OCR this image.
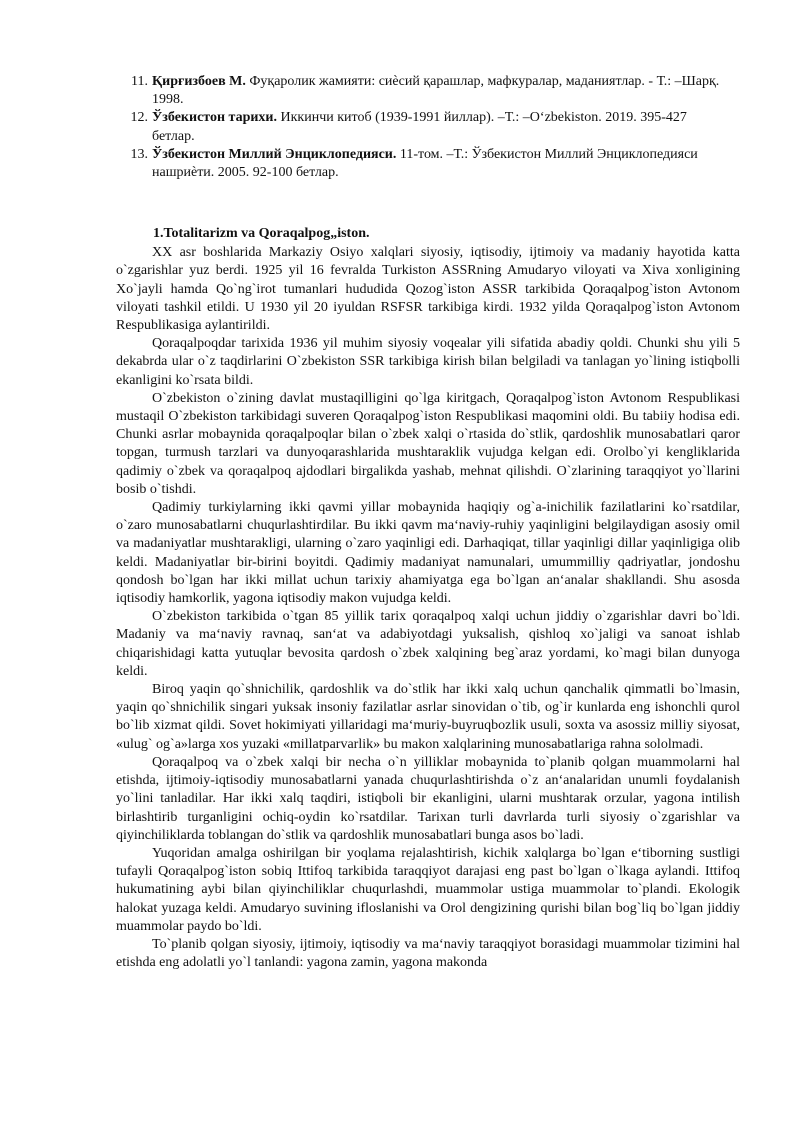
11. Қирғизбоев М. Фуқаролик жамияти: сиѐсий қарашлар, мафкуралар, маданиятлар. - Т.: –Шарқ. 1998.
12. Ўзбекистон тарихи. Иккинчи китоб (1939-1991 йиллар). –Т.: –O‘zbekiston. 2019. 395-427 бетлар.
13. Ўзбекистон Миллий Энциклопедияси. 11-том. –Т.: Ўзбекистон Миллий Энциклопедияси нашриѐти. 2005. 92-100 бетлар.

1.Totalitarizm va Qoraqalpog„iston.

XX asr boshlarida Markaziy Osiyo xalqlari siyosiy, iqtisodiy, ijtimoiy va madaniy hayotida katta o`zgarishlar yuz berdi. 1925 yil 16 fevralda Turkiston ASSRning Amudaryo viloyati va Xiva xonligining Xo`jayli hamda Qo`ng`irot tumanlari hududida Qozog`iston ASSR tarkibida Qoraqalpog`iston Avtonom viloyati tashkil etildi. U 1930 yil 20 iyuldan RSFSR tarkibiga kirdi. 1932 yilda Qoraqalpog`iston Avtonom Respublikasiga aylantirildi.

Qoraqalpoqdar tarixida 1936 yil muhim siyosiy voqealar yili sifatida abadiy qoldi. Chunki shu yili 5 dekabrda ular o`z taqdirlarini O`zbekiston SSR tarkibiga kirish bilan belgiladi va tanlagan yo`lining istiqbolli ekanligini ko`rsata bildi.

O`zbekiston o`zining davlat mustaqilligini qo`lga kiritgach, Qoraqalpog`iston Avtonom Respublikasi mustaqil O`zbekiston tarkibidagi suveren Qoraqalpog`iston Respublikasi maqomini oldi. Bu tabiiy hodisa edi. Chunki asrlar mobaynida qoraqalpoqlar bilan o`zbek xalqi o`rtasida do`stlik, qardoshlik munosabatlari qaror topgan, turmush tarzlari va dunyoqarashlarida mushtaraklik vujudga kelgan edi. Orolbo`yi kengliklarida qadimiy o`zbek va qoraqalpoq ajdodlari birgalikda yashab, mehnat qilishdi. O`zlarining taraqqiyot yo`llarini bosib o`tishdi.

Qadimiy turkiylarning ikki qavmi yillar mobaynida haqiqiy og`a-inichilik fazilatlarini ko`rsatdilar, o`zaro munosabatlarni chuqurlashtirdilar. Bu ikki qavm ma‘naviy-ruhiy yaqinligini belgilaydigan asosiy omil va madaniyatlar mushtarakligi, ularning o`zaro yaqinligi edi. Darhaqiqat, tillar yaqinligi dillar yaqinligiga olib keldi. Madaniyatlar bir-birini boyitdi. Qadimiy madaniyat namunalari, umummilliy qadriyatlar, jondoshu qondosh bo`lgan har ikki millat uchun tarixiy ahamiyatga ega bo`lgan an‘analar shakllandi. Shu asosda iqtisodiy hamkorlik, yagona iqtisodiy makon vujudga keldi.

O`zbekiston tarkibida o`tgan 85 yillik tarix qoraqalpoq xalqi uchun jiddiy o`zgarishlar davri bo`ldi. Madaniy va ma‘naviy ravnaq, san‘at va adabiyotdagi yuksalish, qishloq xo`jaligi va sanoat ishlab chiqarishidagi katta yutuqlar bevosita qardosh o`zbek xalqining beg`araz yordami, ko`magi bilan dunyoga keldi.

Biroq yaqin qo`shnichilik, qardoshlik va do`stlik har ikki xalq uchun qanchalik qimmatli bo`lmasin, yaqin qo`shnichilik singari yuksak insoniy fazilatlar asrlar sinovidan o`tib, og`ir kunlarda eng ishonchli qurol bo`lib xizmat qildi. Sovet hokimiyati yillaridagi ma‘muriy-buyruqbozlik usuli, soxta va asossiz milliy siyosat, «ulug` og`a»larga xos yuzaki «millatparvarlik» bu makon xalqlarining munosabatlariga rahna sololmadi.

Qoraqalpoq va o`zbek xalqi bir necha o`n yilliklar mobaynida to`planib qolgan muammolarni hal etishda, ijtimoiy-iqtisodiy munosabatlarni yanada chuqurlashtirishda o`z an‘analaridan unumli foydalanish yo`lini tanladilar. Har ikki xalq taqdiri, istiqboli bir ekanligini, ularni mushtarak orzular, yagona intilish birlashtirib turganligini ochiq-oydin ko`rsatdilar. Tarixan turli davrlarda turli siyosiy o`zgarishlar va qiyinchiliklarda toblangan do`stlik va qardoshlik munosabatlari bunga asos bo`ladi.

Yuqoridan amalga oshirilgan bir yoqlama rejalashtirish, kichik xalqlarga bo`lgan e‘tiborning sustligi tufayli Qoraqalpog`iston sobiq Ittifoq tarkibida taraqqiyot darajasi eng past bo`lgan o`lkaga aylandi. Ittifoq hukumatining aybi bilan qiyinchiliklar chuqurlashdi, muammolar ustiga muammolar to`plandi. Ekologik halokat yuzaga keldi. Amudaryo suvining ifloslanishi va Orol dengizining qurishi bilan bog`liq bo`lgan jiddiy muammolar paydo bo`ldi.

To`planib qolgan siyosiy, ijtimoiy, iqtisodiy va ma‘naviy taraqqiyot borasidagi muammolar tizimini hal etishda eng adolatli yo`l tanlandi: yagona zamin, yagona makonda
